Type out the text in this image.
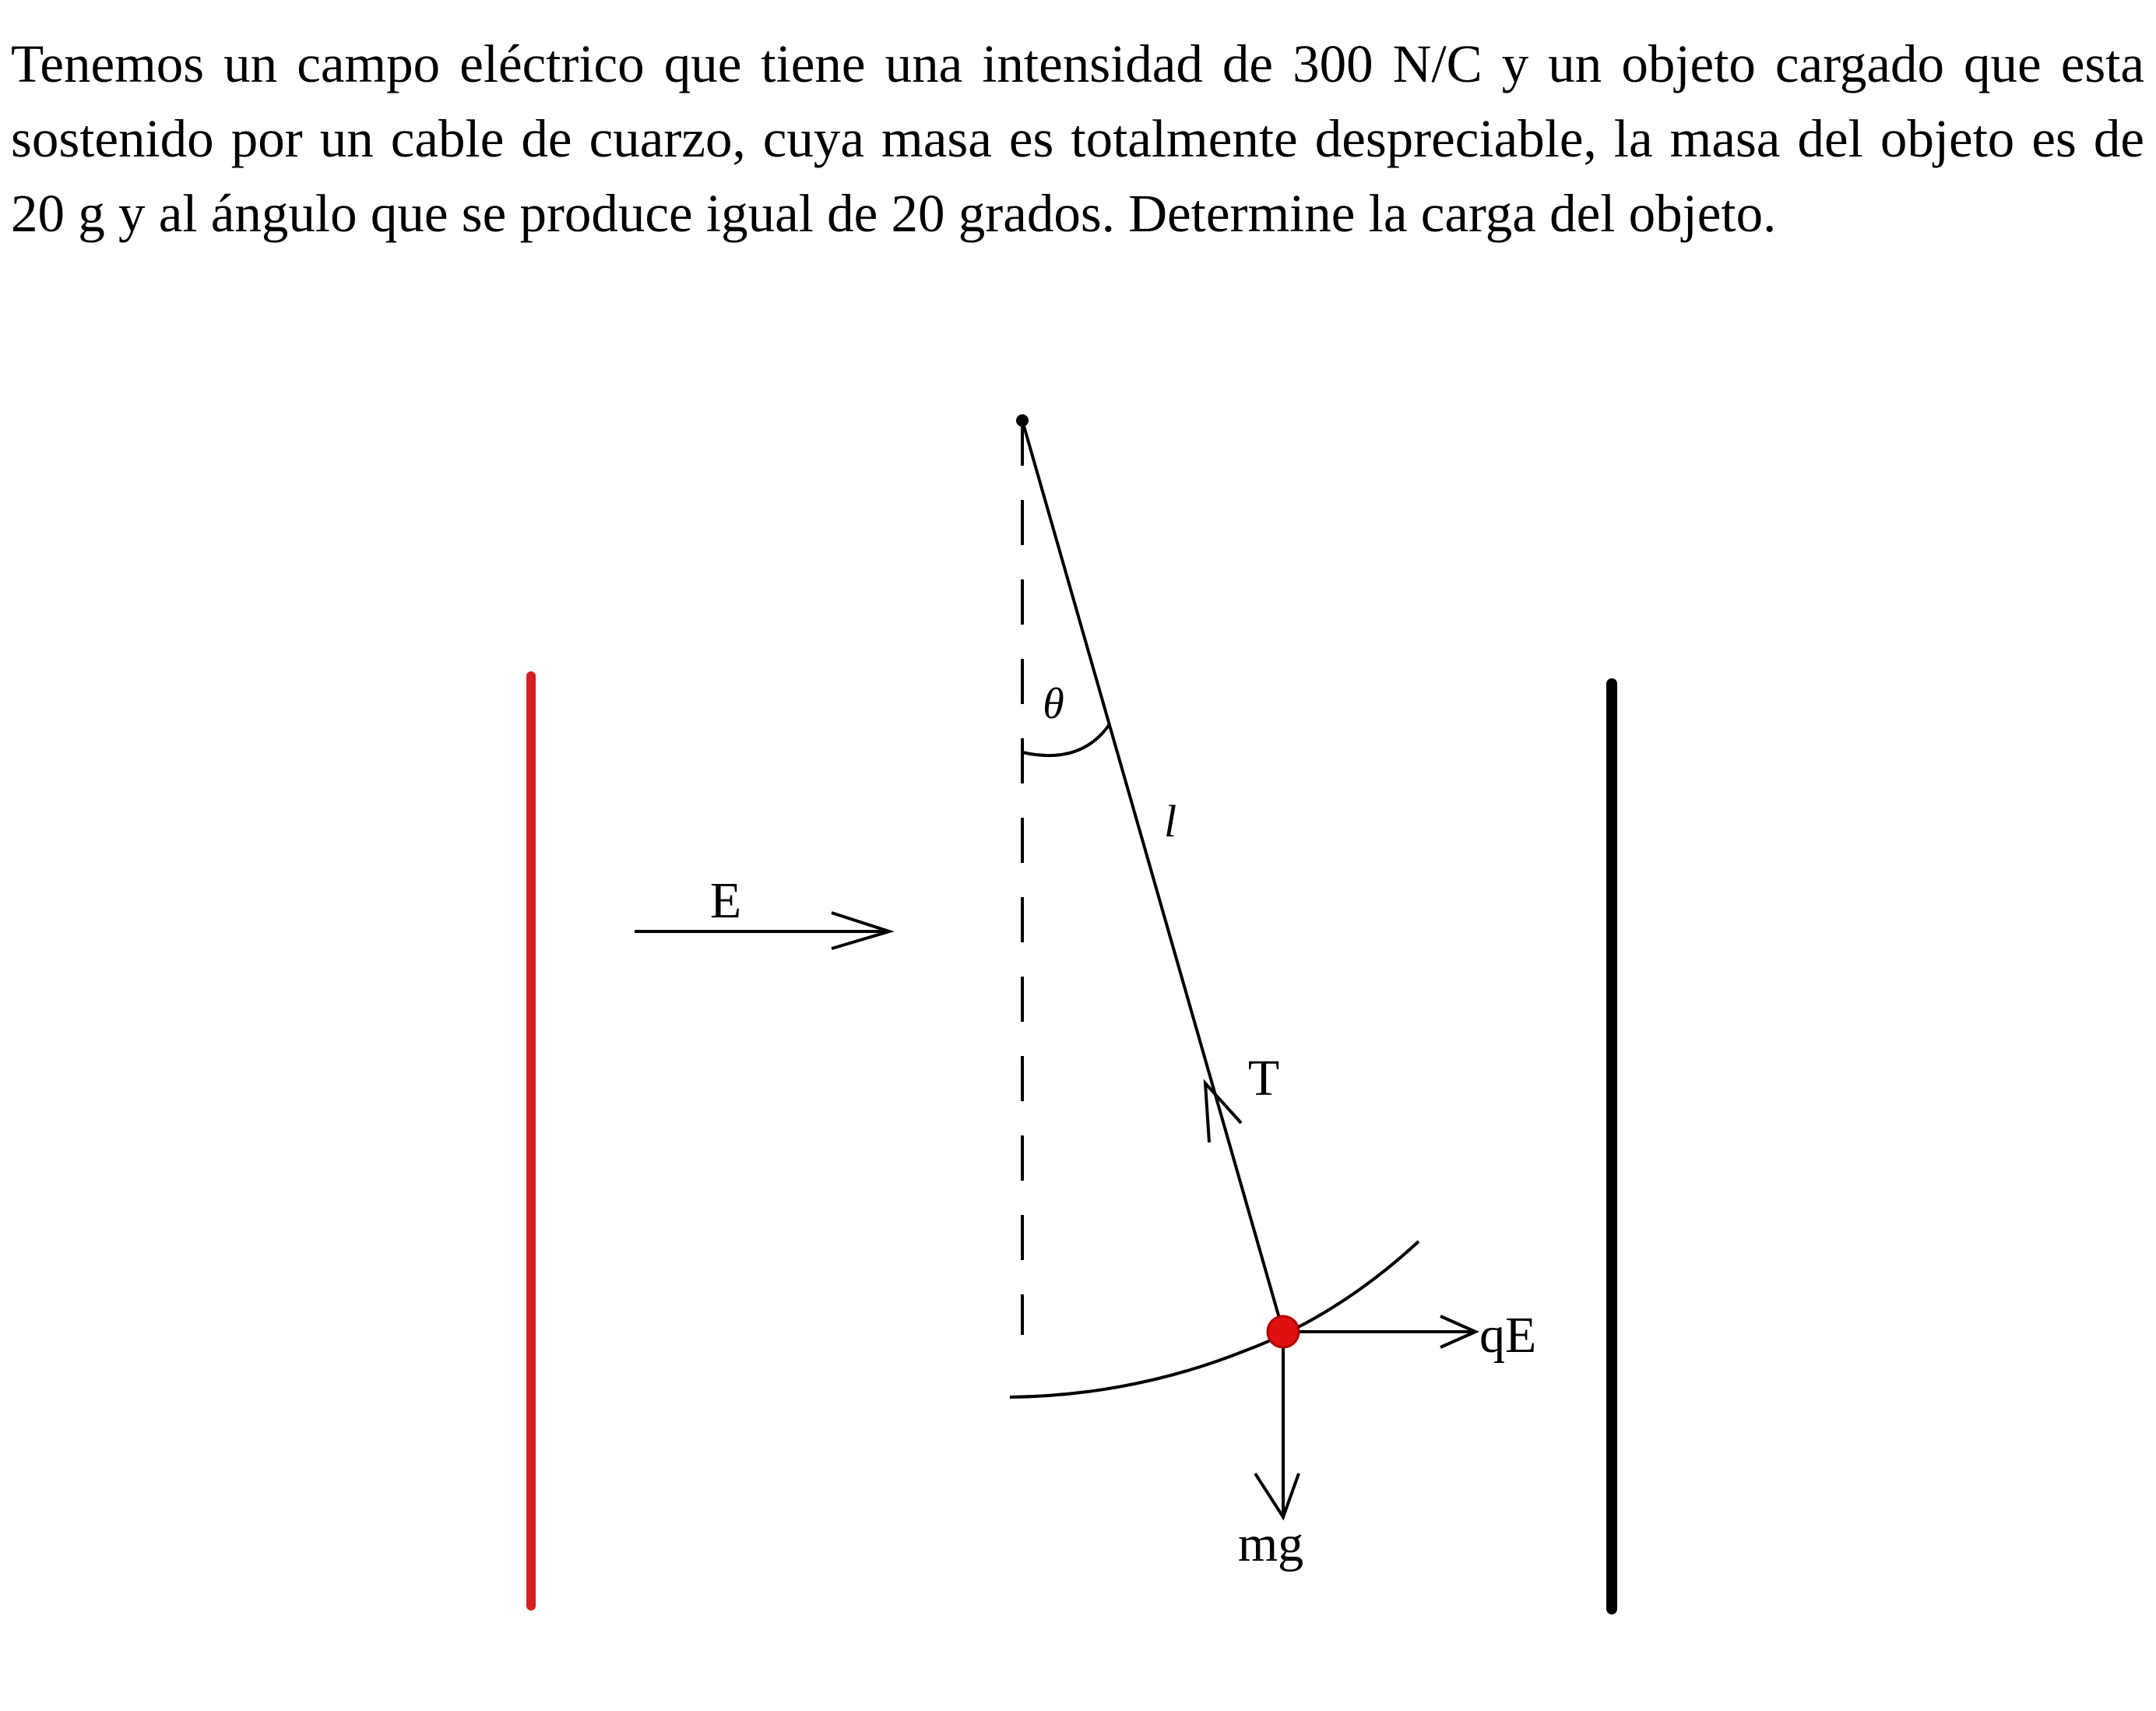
Tenemos un campo eléctrico que tiene una intensidad de 300 N/C y un objeto cargado que esta sostenido por un cable de cuarzo, cuya masa es totalmente despreciable, la masa del objeto es de 20 g y al ángulo que se produce igual de 20 grados. Determine la carga del objeto.

E
θ
l
T
qE
mg
